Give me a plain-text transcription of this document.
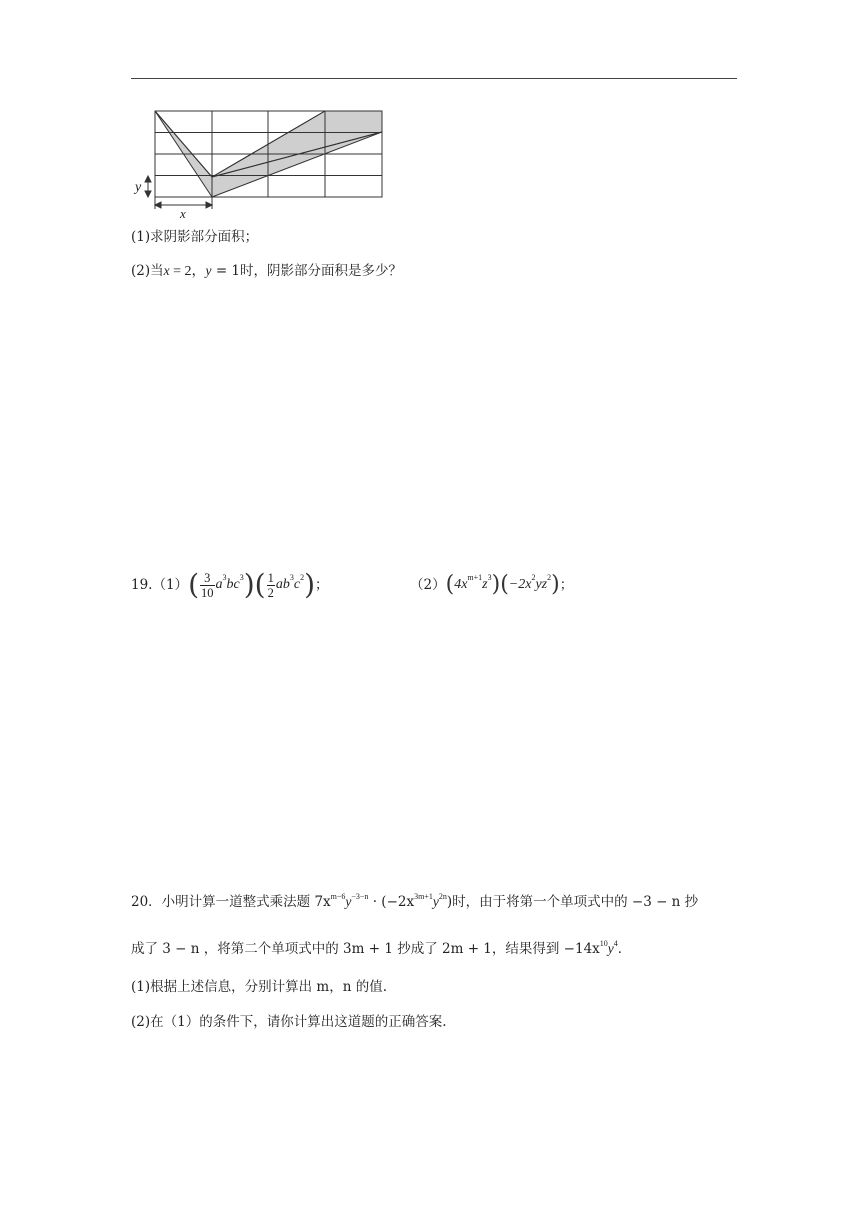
y
x
(1)求阴影部分面积；
(2)当x = 2，y = 1时，阴影部分面积是多少？
19.（1） ( $\frac{3}{10}$ a 3 bc 3 ) ( $\frac{1}{2}$ ab 3 c 2 ) ；	（2） ( 4x m+1 z 3 ) ( −2x 2 yz 2 ) ；
20．小明计算一道整式乘法题 $7x^{m-6}y^{-3-n} \cdot (-2x^{3m+1}y^{2n})$时，由于将第一个单项式中的 −3 − n 抄
成了 3 − n ，将第二个单项式中的 3m + 1 抄成了 2m + 1，结果得到 $-14x^{10}y^4$．
(1)根据上述信息，分别计算出 m，n 的值.
(2)在（1）的条件下，请你计算出这道题的正确答案.
